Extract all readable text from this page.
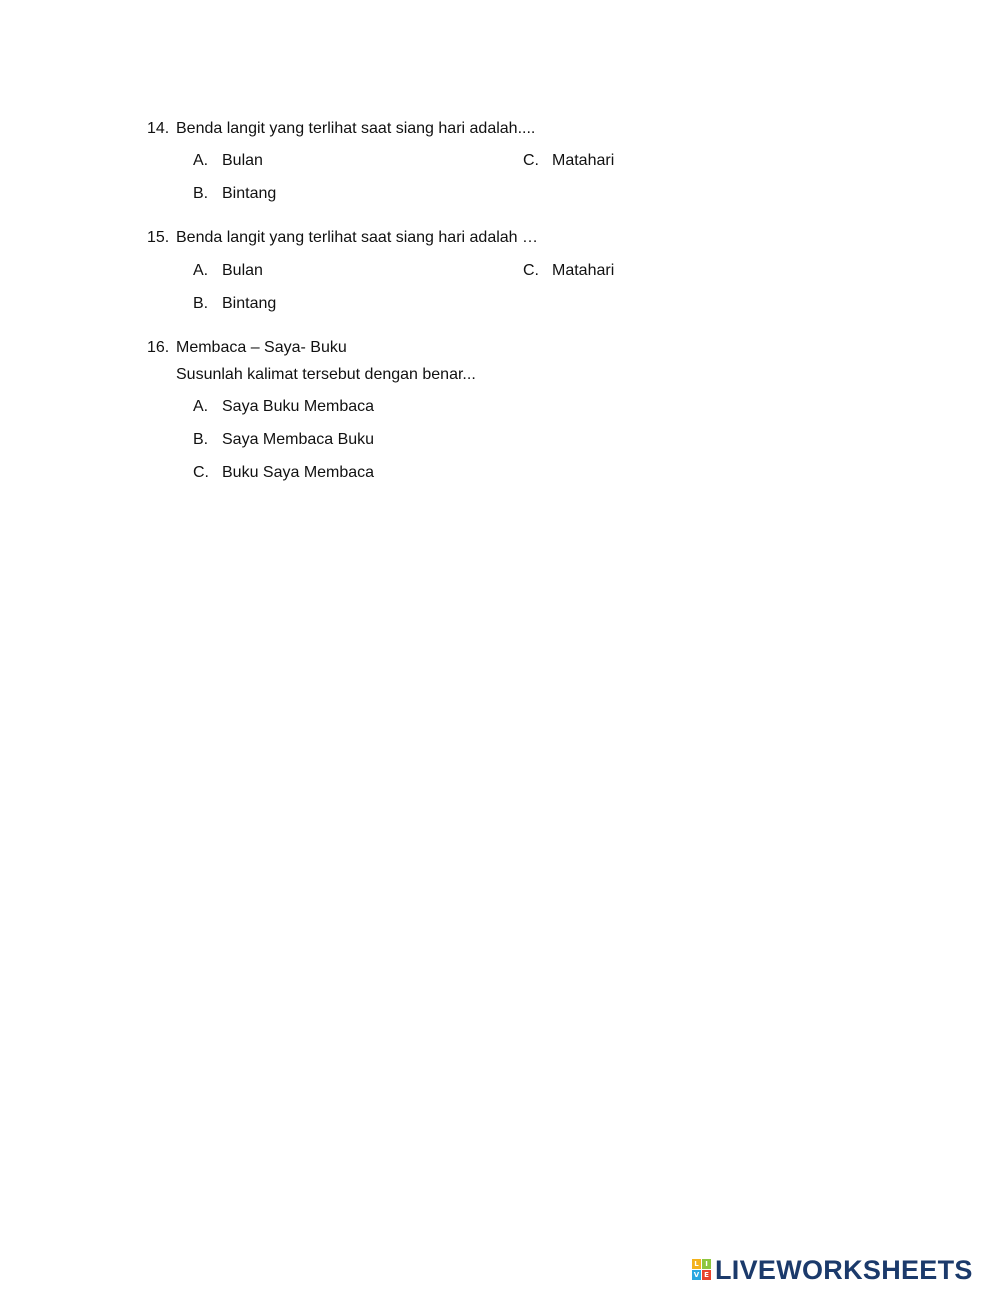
14. Benda langit yang terlihat saat siang hari adalah....
A. Bulan
B. Bintang
C. Matahari
15. Benda langit yang terlihat saat siang hari adalah …
A. Bulan
B. Bintang
C. Matahari
16. Membaca – Saya- Buku
Susunlah kalimat tersebut dengan benar...
A. Saya Buku Membaca
B. Saya Membaca Buku
C. Buku Saya Membaca
L I
V E LIVEWORKSHEETS
